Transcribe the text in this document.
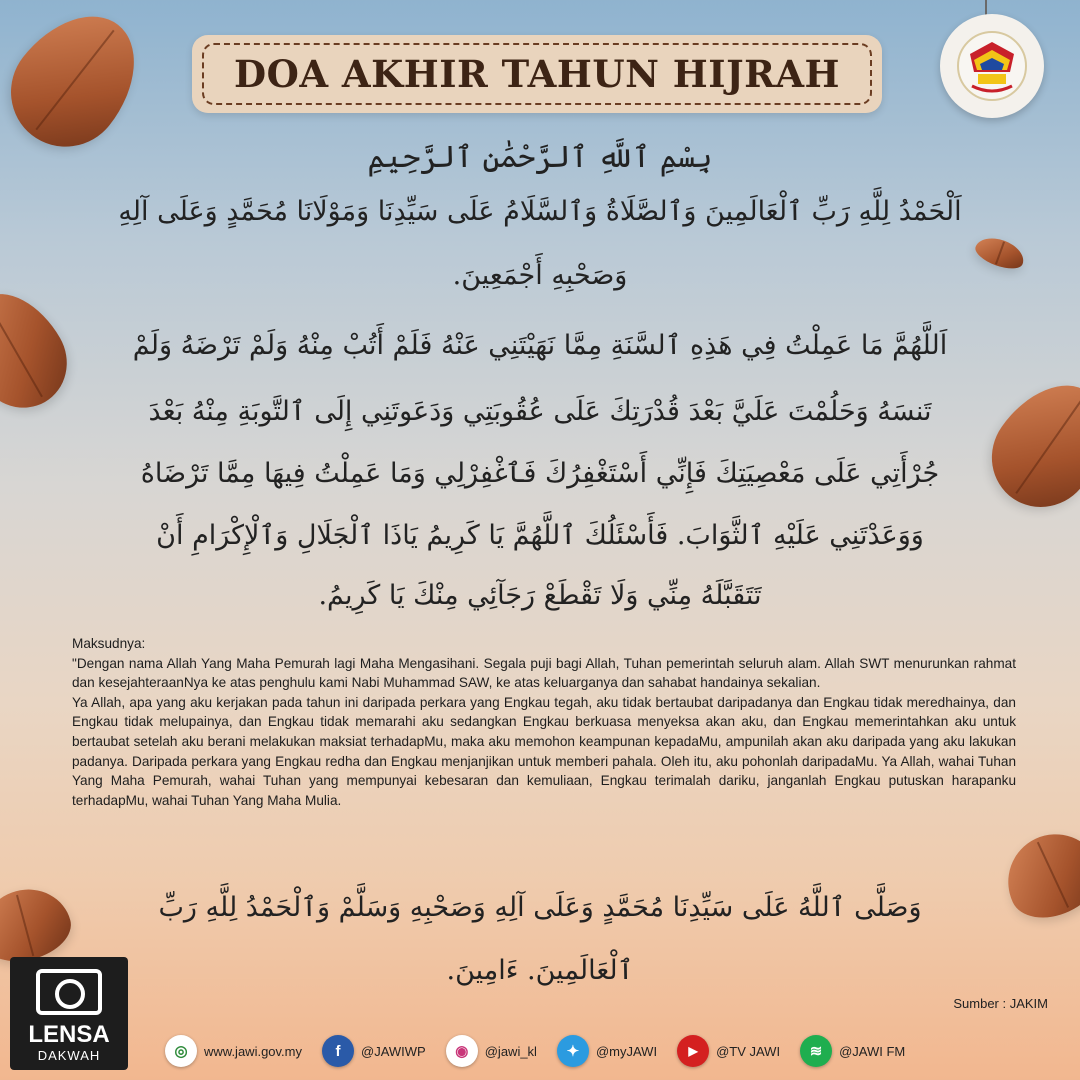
DOA AKHIR TAHUN HIJRAH
بِسْمِ ٱللَّهِ ٱلرَّحْمَٰنِ ٱلرَّحِيمِ
اَلْحَمْدُ لِلَّهِ رَبِّ ٱلْعَالَمِينَ وَٱلصَّلَاةُ وَٱلسَّلَامُ عَلَى سَيِّدِنَا وَمَوْلَانَا مُحَمَّدٍ وَعَلَى آلِهِ
وَصَحْبِهِ أَجْمَعِينَ.
اَللَّهُمَّ مَا عَمِلْتُ فِي هَذِهِ ٱلسَّنَةِ مِمَّا نَهَيْتَنِي عَنْهُ فَلَمْ أَتُبْ مِنْهُ وَلَمْ تَرْضَهُ وَلَمْ
تَنسَهُ وَحَلُمْتَ عَلَيَّ بَعْدَ قُدْرَتِكَ عَلَى عُقُوبَتِي وَدَعَوتَنِي إِلَى ٱلتَّوبَةِ مِنْهُ بَعْدَ
جُرْأَتِي عَلَى مَعْصِيَتِكَ فَإِنِّي أَسْتَغْفِرُكَ فَٱغْفِرْلِي وَمَا عَمِلْتُ فِيهَا مِمَّا تَرْضَاهُ
وَوَعَدْتَنِي عَلَيْهِ ٱلثَّوَابَ. فَأَسْئَلُكَ ٱللَّهُمَّ يَا كَرِيمُ يَاذَا ٱلْجَلَالِ وَٱلْإِكْرَامِ أَنْ
تَتَقَبَّلَهُ مِنِّي وَلَا تَقْطَعْ رَجَآئِي مِنْكَ يَا كَرِيمُ.

Maksudnya:

"Dengan nama Allah Yang Maha Pemurah lagi Maha Mengasihani. Segala puji bagi Allah, Tuhan pemerintah seluruh alam. Allah SWT menurunkan rahmat dan kesejahteraanNya ke atas penghulu kami Nabi Muhammad SAW, ke atas keluarganya dan sahabat handainya sekalian.

Ya Allah, apa yang aku kerjakan pada tahun ini daripada perkara yang Engkau tegah, aku tidak bertaubat daripadanya dan Engkau tidak meredhainya, dan Engkau tidak melupainya, dan Engkau tidak memarahi aku sedangkan Engkau berkuasa menyeksa akan aku, dan Engkau memerintahkan aku untuk bertaubat setelah aku berani melakukan maksiat terhadapMu, maka aku memohon keampunan kepadaMu, ampunilah akan aku daripada yang aku lakukan padanya. Daripada perkara yang Engkau redha dan Engkau menjanjikan untuk memberi pahala. Oleh itu, aku pohonlah daripadaMu. Ya Allah, wahai Tuhan Yang Maha Pemurah, wahai Tuhan yang mempunyai kebesaran dan kemuliaan, Engkau terimalah dariku, janganlah Engkau putuskan harapanku terhadapMu, wahai Tuhan Yang Maha Mulia.

وَصَلَّى ٱللَّهُ عَلَى سَيِّدِنَا مُحَمَّدٍ وَعَلَى آلِهِ وَصَحْبِهِ وَسَلَّمْ وَٱلْحَمْدُ لِلَّهِ رَبِّ
ٱلْعَالَمِينَ. ءَامِينَ.
Sumber : JAKIM
LENSA
DAKWAH	◎	www.jawi.gov.my	f	@JAWIWP	◉	@jawi_kl	✦	@myJAWI	▶	@TV JAWI	≋	@JAWI FM
